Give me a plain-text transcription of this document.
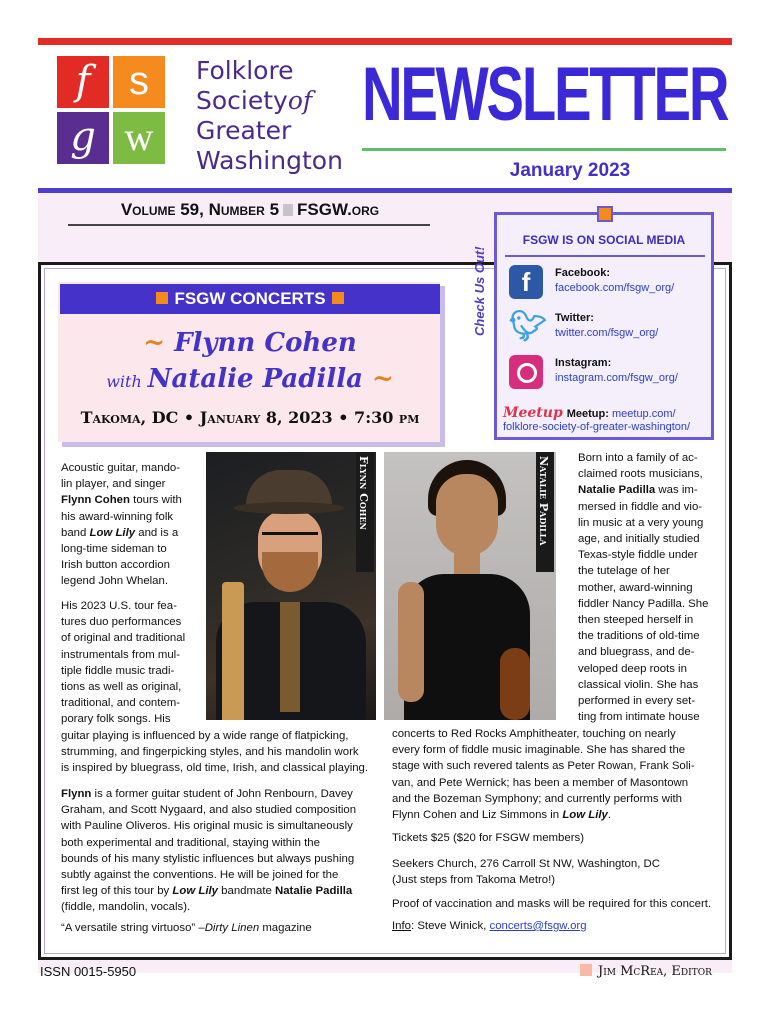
f s
g w
Folklore
Societyof
Greater
Washington
NEWSLETTER
January 2023
Volume 59, Number 5 FSGW.org
Check Us Out!
FSGW IS ON SOCIAL MEDIA
f	Facebook:
facebook.com/fsgw_org/
🐦︎ Twitter:
twitter.com/fsgw_org/
Instagram:
instagram.com/fsgw_org/
Meetup Meetup: meetup.com/
folklore-society-of-greater-washington/
FSGW CONCERTS
~ Flynn Cohen
with Natalie Padilla ~
Takoma, DC • January 8, 2023 • 7:30 pm
Flynn Cohen	Natalie Padilla
Acoustic guitar, mando-
lin player, and singer
Flynn Cohen tours with
his award-winning folk
band Low Lily and is a
long-time sideman to
Irish button accordion
legend John Whelan.
His 2023 U.S. tour fea-
tures duo performances
of original and traditional
instrumentals from mul-
tiple fiddle music tradi-
tions as well as original,
traditional, and contem-
porary folk songs. His
guitar playing is influenced by a wide range of flatpicking,
strumming, and fingerpicking styles, and his mandolin work
is inspired by bluegrass, old time, Irish, and classical playing.
Flynn is a former guitar student of John Renbourn, Davey
Graham, and Scott Nygaard, and also studied composition
with Pauline Oliveros. His original music is simultaneously
both experimental and traditional, staying within the
bounds of his many stylistic influences but always pushing
subtly against the conventions. He will be joined for the
first leg of this tour by Low Lily bandmate Natalie Padilla
(fiddle, mandolin, vocals).
“A versatile string virtuoso” –Dirty Linen magazine
Born into a family of ac-
claimed roots musicians,
Natalie Padilla was im-
mersed in fiddle and vio-
lin music at a very young
age, and initially studied
Texas-style fiddle under
the tutelage of her
mother, award-winning
fiddler Nancy Padilla. She
then steeped herself in
the traditions of old-time
and bluegrass, and de-
veloped deep roots in
classical violin. She has
performed in every set-
ting from intimate house
concerts to Red Rocks Amphitheater, touching on nearly
every form of fiddle music imaginable. She has shared the
stage with such revered talents as Peter Rowan, Frank Soli-
van, and Pete Wernick; has been a member of Masontown
and the Bozeman Symphony; and currently performs with
Flynn Cohen and Liz Simmons in Low Lily.
Tickets $25 ($20 for FSGW members)
Seekers Church, 276 Carroll St NW, Washington, DC
(Just steps from Takoma Metro!)
Proof of vaccination and masks will be required for this concert.
Info: Steve Winick, concerts@fsgw.org
ISSN 0015-5950	Jim McRea, Editor
